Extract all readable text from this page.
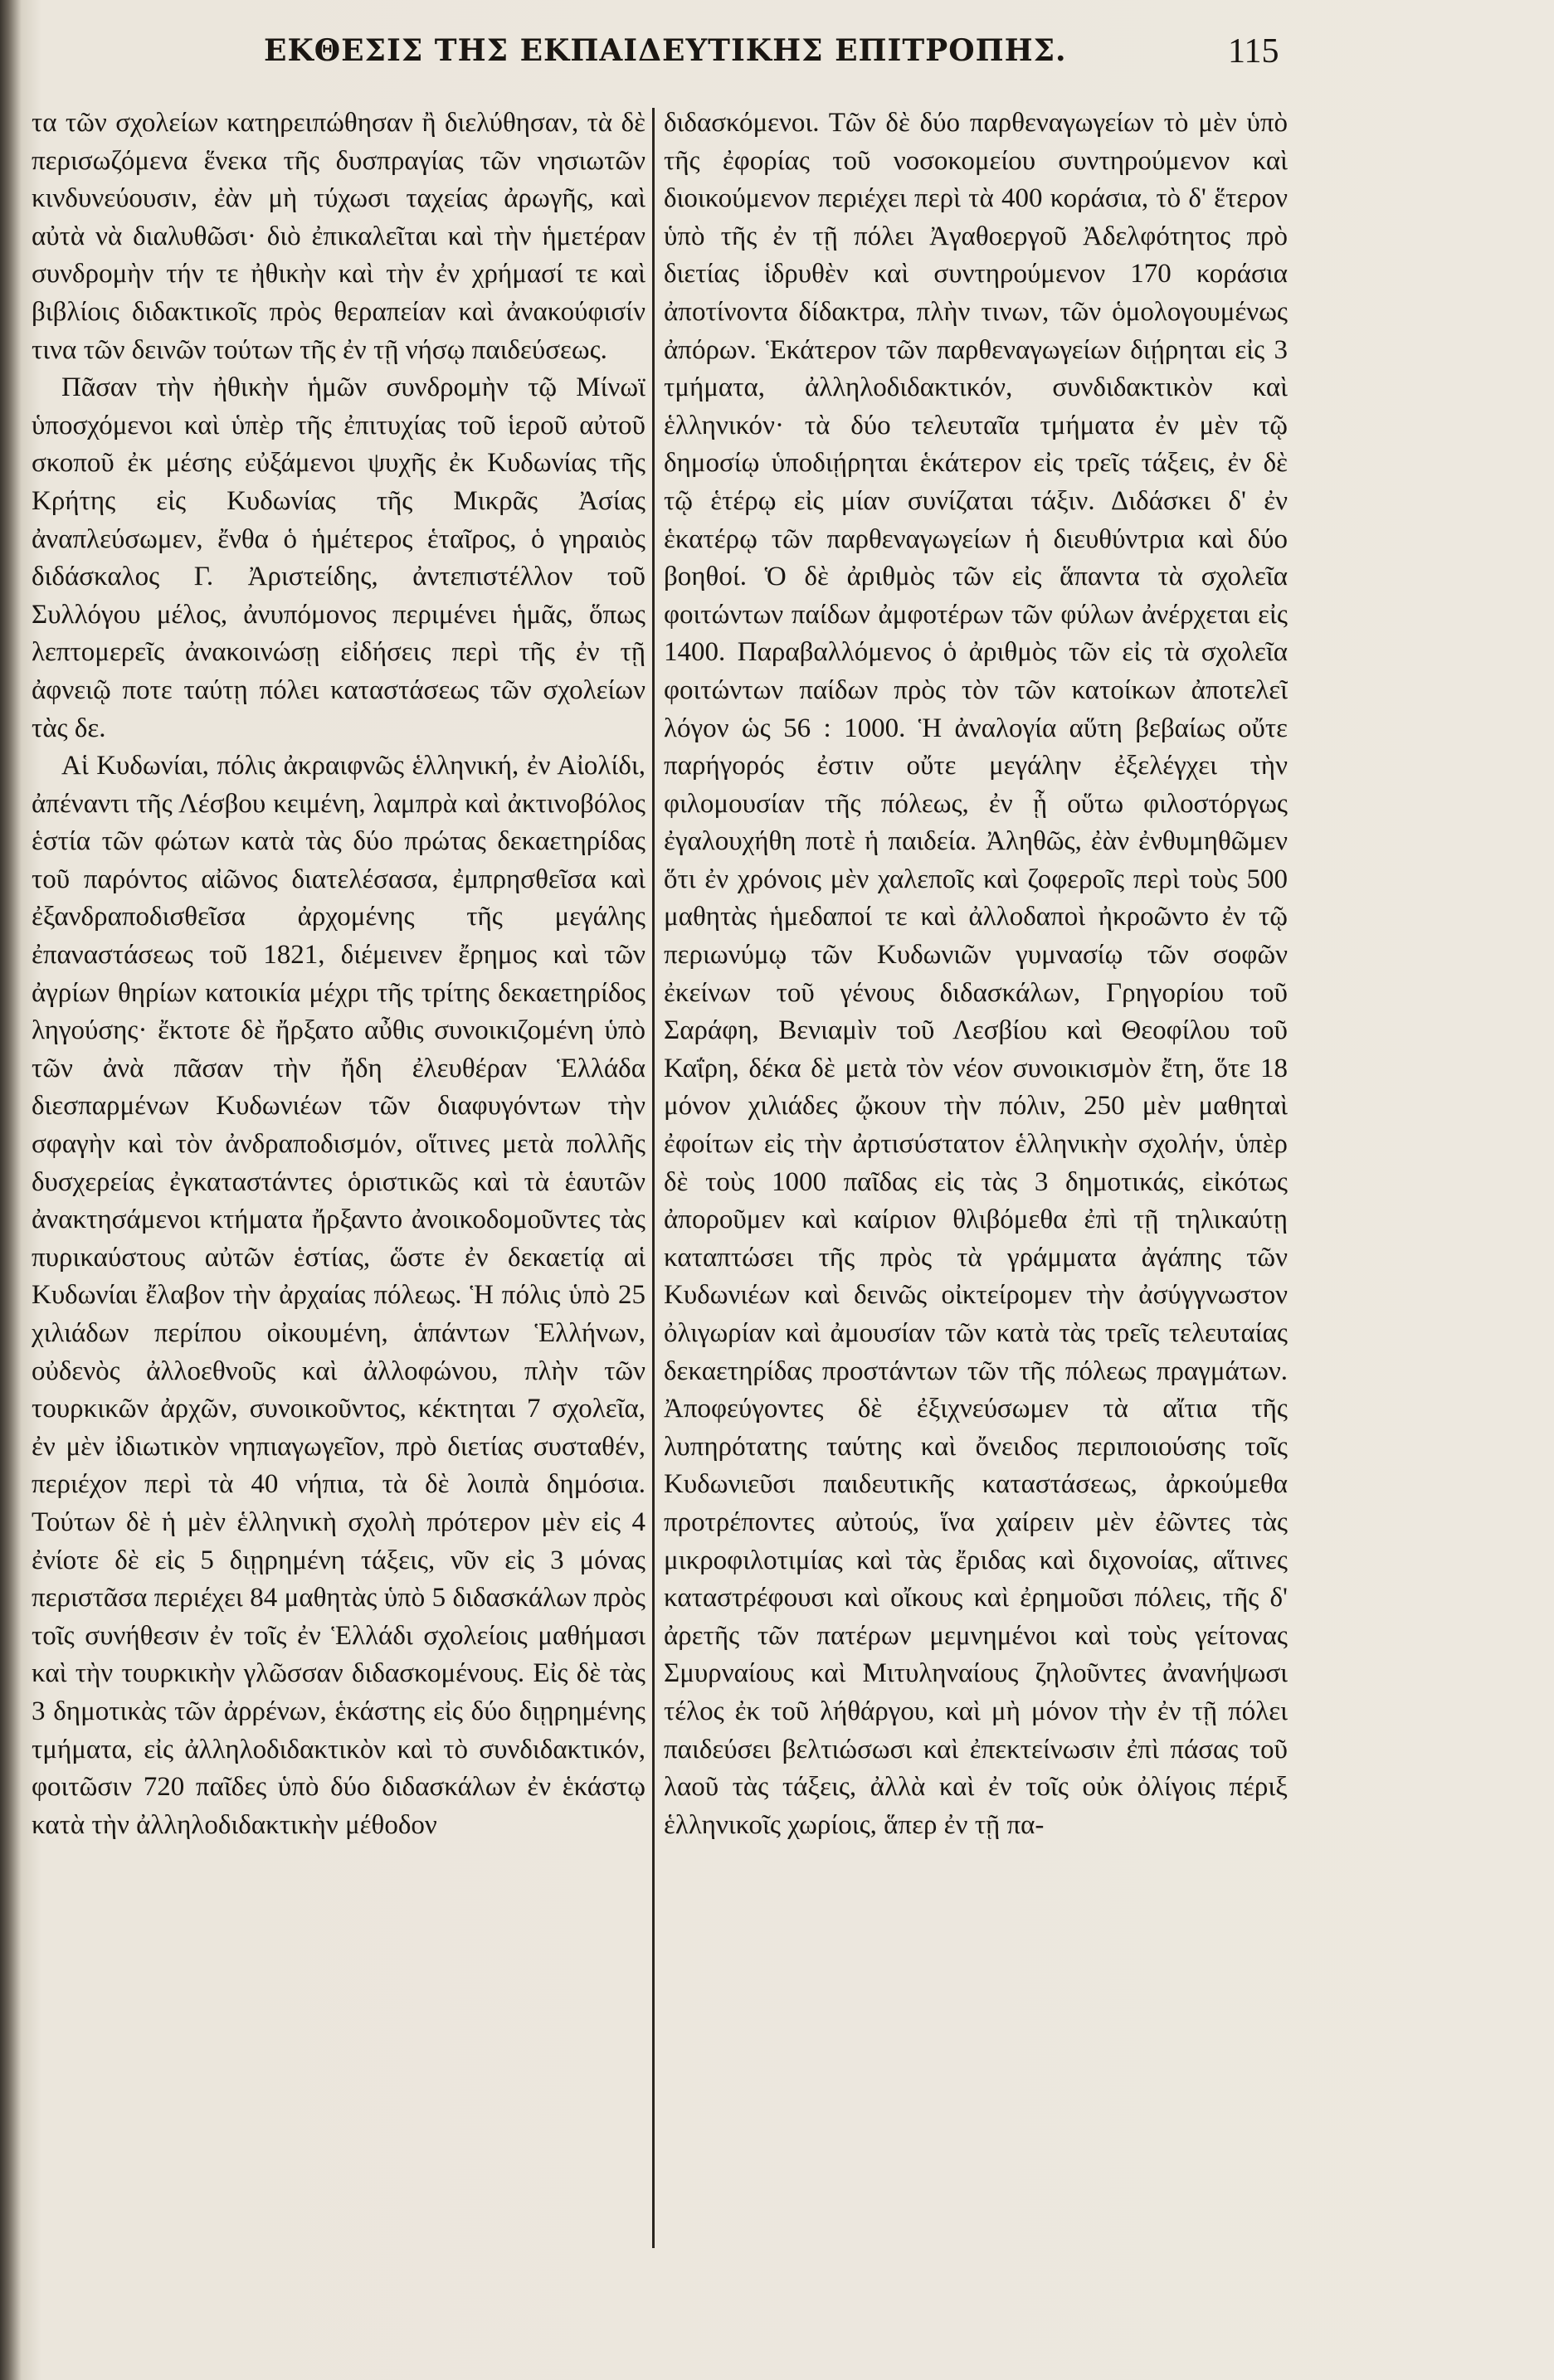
ΕΚΘΕΣΙΣ ΤΗΣ ΕΚΠΑΙΔΕΥΤΙΚΗΣ ΕΠΙΤΡΟΠΗΣ.	115

τα τῶν σχολείων κατηρειπώθησαν ἢ διελύθησαν, τὰ δὲ περισωζόμενα ἕνεκα τῆς δυσπραγίας τῶν νησιωτῶν κινδυνεύουσιν, ἐὰν μὴ τύχωσι ταχείας ἀρωγῆς, καὶ αὐτὰ νὰ διαλυθῶσι· διὸ ἐπικαλεῖται καὶ τὴν ἡμετέραν συνδρομὴν τήν τε ἠθικὴν καὶ τὴν ἐν χρήμασί τε καὶ βιβλίοις διδακτικοῖς πρὸς θεραπείαν καὶ ἀνακούφισίν τινα τῶν δεινῶν τούτων τῆς ἐν τῇ νήσῳ παιδεύσεως.

Πᾶσαν τὴν ἠθικὴν ἡμῶν συνδρομὴν τῷ Μίνωϊ ὑποσχόμενοι καὶ ὑπὲρ τῆς ἐπιτυχίας τοῦ ἱεροῦ αὐτοῦ σκοποῦ ἐκ μέσης εὐξάμενοι ψυχῆς ἐκ Κυδωνίας τῆς Κρήτης εἰς Κυδωνίας τῆς Μικρᾶς Ἀσίας ἀναπλεύσωμεν, ἔνθα ὁ ἡμέτερος ἑταῖρος, ὁ γηραιὸς διδάσκαλος Γ. Ἀριστείδης, ἀντεπιστέλλον τοῦ Συλλόγου μέλος, ἀνυπόμονος περιμένει ἡμᾶς, ὅπως λεπτομερεῖς ἀνακοινώσῃ εἰδήσεις περὶ τῆς ἐν τῇ ἀφνειῷ ποτε ταύτῃ πόλει καταστάσεως τῶν σχολείων τὰς δε.

Αἱ Κυδωνίαι, πόλις ἀκραιφνῶς ἑλληνική, ἐν Αἰολίδι, ἀπέναντι τῆς Λέσβου κειμένη, λαμπρὰ καὶ ἀκτινοβόλος ἑστία τῶν φώτων κατὰ τὰς δύο πρώτας δεκαετηρίδας τοῦ παρόντος αἰῶνος διατελέσασα, ἐμπρησθεῖσα καὶ ἐξανδραποδισθεῖσα ἀρχομένης τῆς μεγάλης ἐπαναστάσεως τοῦ 1821, διέμεινεν ἔρημος καὶ τῶν ἀγρίων θηρίων κατοικία μέχρι τῆς τρίτης δεκαετηρίδος ληγούσης· ἔκτοτε δὲ ἤρξατο αὖθις συνοικιζομένη ὑπὸ τῶν ἀνὰ πᾶσαν τὴν ἤδη ἐλευθέραν Ἑλλάδα διεσπαρμένων Κυδωνιέων τῶν διαφυγόντων τὴν σφαγὴν καὶ τὸν ἀνδραποδισμόν, οἵτινες μετὰ πολλῆς δυσχερείας ἐγκαταστάντες ὁριστικῶς καὶ τὰ ἑαυτῶν ἀνακτησάμενοι κτήματα ἤρξαντο ἀνοικοδομοῦντες τὰς πυρικαύστους αὐτῶν ἑστίας, ὥστε ἐν δεκαετίᾳ αἱ Κυδωνίαι ἔλαβον τὴν ἀρχαίας πόλεως. Ἡ πόλις ὑπὸ 25 χιλιάδων περίπου οἰκουμένη, ἁπάντων Ἑλλήνων, οὐδενὸς ἀλλοεθνοῦς καὶ ἀλλοφώνου, πλὴν τῶν τουρκικῶν ἀρχῶν, συνοικοῦντος, κέκτηται 7 σχολεῖα, ἐν μὲν ἰδιωτικὸν νηπιαγωγεῖον, πρὸ διετίας συσταθέν, περιέχον περὶ τὰ 40 νήπια, τὰ δὲ λοιπὰ δημόσια. Τούτων δὲ ἡ μὲν ἑλληνικὴ σχολὴ πρότερον μὲν εἰς 4 ἐνίοτε δὲ εἰς 5 διῃρημένη τάξεις, νῦν εἰς 3 μόνας περιστᾶσα περιέχει 84 μαθητὰς ὑπὸ 5 διδασκάλων πρὸς τοῖς συνήθεσιν ἐν τοῖς ἐν Ἑλλάδι σχολείοις μαθήμασι καὶ τὴν τουρκικὴν γλῶσσαν διδασκομένους. Εἰς δὲ τὰς 3 δημοτικὰς τῶν ἀρρένων, ἑκάστης εἰς δύο διῃρημένης τμήματα, εἰς ἀλληλοδιδακτικὸν καὶ τὸ συνδιδακτικόν, φοιτῶσιν 720 παῖδες ὑπὸ δύο διδασκάλων ἐν ἑκάστῳ κατὰ τὴν ἀλληλοδιδακτικὴν μέθοδον

διδασκόμενοι. Τῶν δὲ δύο παρθεναγωγείων τὸ μὲν ὑπὸ τῆς ἐφορίας τοῦ νοσοκομείου συντηρούμενον καὶ διοικούμενον περιέχει περὶ τὰ 400 κοράσια, τὸ δ' ἕτερον ὑπὸ τῆς ἐν τῇ πόλει Ἀγαθοεργοῦ Ἀδελφότητος πρὸ διετίας ἱδρυθὲν καὶ συντηρούμενον 170 κοράσια ἀποτίνοντα δίδακτρα, πλὴν τινων, τῶν ὁμολογουμένως ἀπόρων. Ἑκάτερον τῶν παρθεναγωγείων διῄρηται εἰς 3 τμήματα, ἀλληλοδιδακτικόν, συνδιδακτικὸν καὶ ἑλληνικόν· τὰ δύο τελευταῖα τμήματα ἐν μὲν τῷ δημοσίῳ ὑποδιῄρηται ἑκάτερον εἰς τρεῖς τάξεις, ἐν δὲ τῷ ἑτέρῳ εἰς μίαν συνίζαται τάξιν. Διδάσκει δ' ἐν ἑκατέρῳ τῶν παρθεναγωγείων ἡ διευθύντρια καὶ δύο βοηθοί. Ὁ δὲ ἀριθμὸς τῶν εἰς ἅπαντα τὰ σχολεῖα φοιτώντων παίδων ἀμφοτέρων τῶν φύλων ἀνέρχεται εἰς 1400. Παραβαλλόμενος ὁ ἀριθμὸς τῶν εἰς τὰ σχολεῖα φοιτώντων παίδων πρὸς τὸν τῶν κατοίκων ἀποτελεῖ λόγον ὡς 56 : 1000. Ἡ ἀναλογία αὕτη βεβαίως οὔτε παρήγορός ἐστιν οὔτε μεγάλην ἐξελέγχει τὴν φιλομουσίαν τῆς πόλεως, ἐν ᾗ οὕτω φιλοστόργως ἐγαλουχήθη ποτὲ ἡ παιδεία. Ἀληθῶς, ἐὰν ἐνθυμηθῶμεν ὅτι ἐν χρόνοις μὲν χαλεποῖς καὶ ζοφεροῖς περὶ τοὺς 500 μαθητὰς ἡμεδαποί τε καὶ ἀλλοδαποὶ ἠκροῶντο ἐν τῷ περιωνύμῳ τῶν Κυδωνιῶν γυμνασίῳ τῶν σοφῶν ἐκείνων τοῦ γένους διδασκάλων, Γρηγορίου τοῦ Σαράφη, Βενιαμὶν τοῦ Λεσβίου καὶ Θεοφίλου τοῦ Καΐρη, δέκα δὲ μετὰ τὸν νέον συνοικισμὸν ἔτη, ὅτε 18 μόνον χιλιάδες ᾤκουν τὴν πόλιν, 250 μὲν μαθηταὶ ἐφοίτων εἰς τὴν ἀρτισύστατον ἑλληνικὴν σχολήν, ὑπὲρ δὲ τοὺς 1000 παῖδας εἰς τὰς 3 δημοτικάς, εἰκότως ἀποροῦμεν καὶ καίριον θλιβόμεθα ἐπὶ τῇ τηλικαύτῃ καταπτώσει τῆς πρὸς τὰ γράμματα ἀγάπης τῶν Κυδωνιέων καὶ δεινῶς οἰκτείρομεν τὴν ἀσύγγνωστον ὀλιγωρίαν καὶ ἀμουσίαν τῶν κατὰ τὰς τρεῖς τελευταίας δεκαετηρίδας προστάντων τῶν τῆς πόλεως πραγμάτων. Ἀποφεύγοντες δὲ ἐξιχνεύσωμεν τὰ αἴτια τῆς λυπηρότατης ταύτης καὶ ὄνειδος περιποιούσης τοῖς Κυδωνιεῦσι παιδευτικῆς καταστάσεως, ἀρκούμεθα προτρέποντες αὐτούς, ἵνα χαίρειν μὲν ἐῶντες τὰς μικροφιλοτιμίας καὶ τὰς ἔριδας καὶ διχονοίας, αἵτινες καταστρέφουσι καὶ οἴκους καὶ ἐρημοῦσι πόλεις, τῆς δ' ἀρετῆς τῶν πατέρων μεμνημένοι καὶ τοὺς γείτονας Σμυρναίους καὶ Μιτυληναίους ζηλοῦντες ἀνανήψωσι τέλος ἐκ τοῦ λήθάργου, καὶ μὴ μόνον τὴν ἐν τῇ πόλει παιδεύσει βελτιώσωσι καὶ ἐπεκτείνωσιν ἐπὶ πάσας τοῦ λαοῦ τὰς τάξεις, ἀλλὰ καὶ ἐν τοῖς οὐκ ὀλίγοις πέριξ ἑλληνικοῖς χωρίοις, ἅπερ ἐν τῇ πα-
